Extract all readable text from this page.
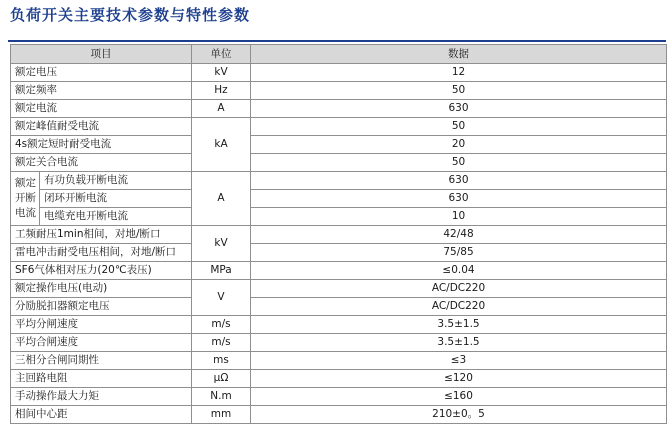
负荷开关主要技术参数与特性参数
项目		单位	数据
额定电压		kV	12
额定频率		Hz	50
额定电流		A	630
额定峰值耐受电流		kA	50
4s额定短时耐受电流			20
额定关合电流			50

额定
开断
电流	有功负载开断电流	A	630
	闭环开断电流		630
	电缆充电开断电流		10
工频耐压1min相间，对地/断口		kV	42/48
雷电冲击耐受电压相间，对地/断口			75/85
SF6气体相对压力(20℃表压)		MPa	≤0.04
额定操作电压(电动)		V	AC/DC220
分励脱扣器额定电压			AC/DC220
平均分闸速度		m/s	3.5±1.5
平均合闸速度		m/s	3.5±1.5
三相分合闸同期性		ms	≤3
主回路电阻		μΩ	≤120
手动操作最大力矩		N.m	≤160
相间中心距		mm	210±0。5
